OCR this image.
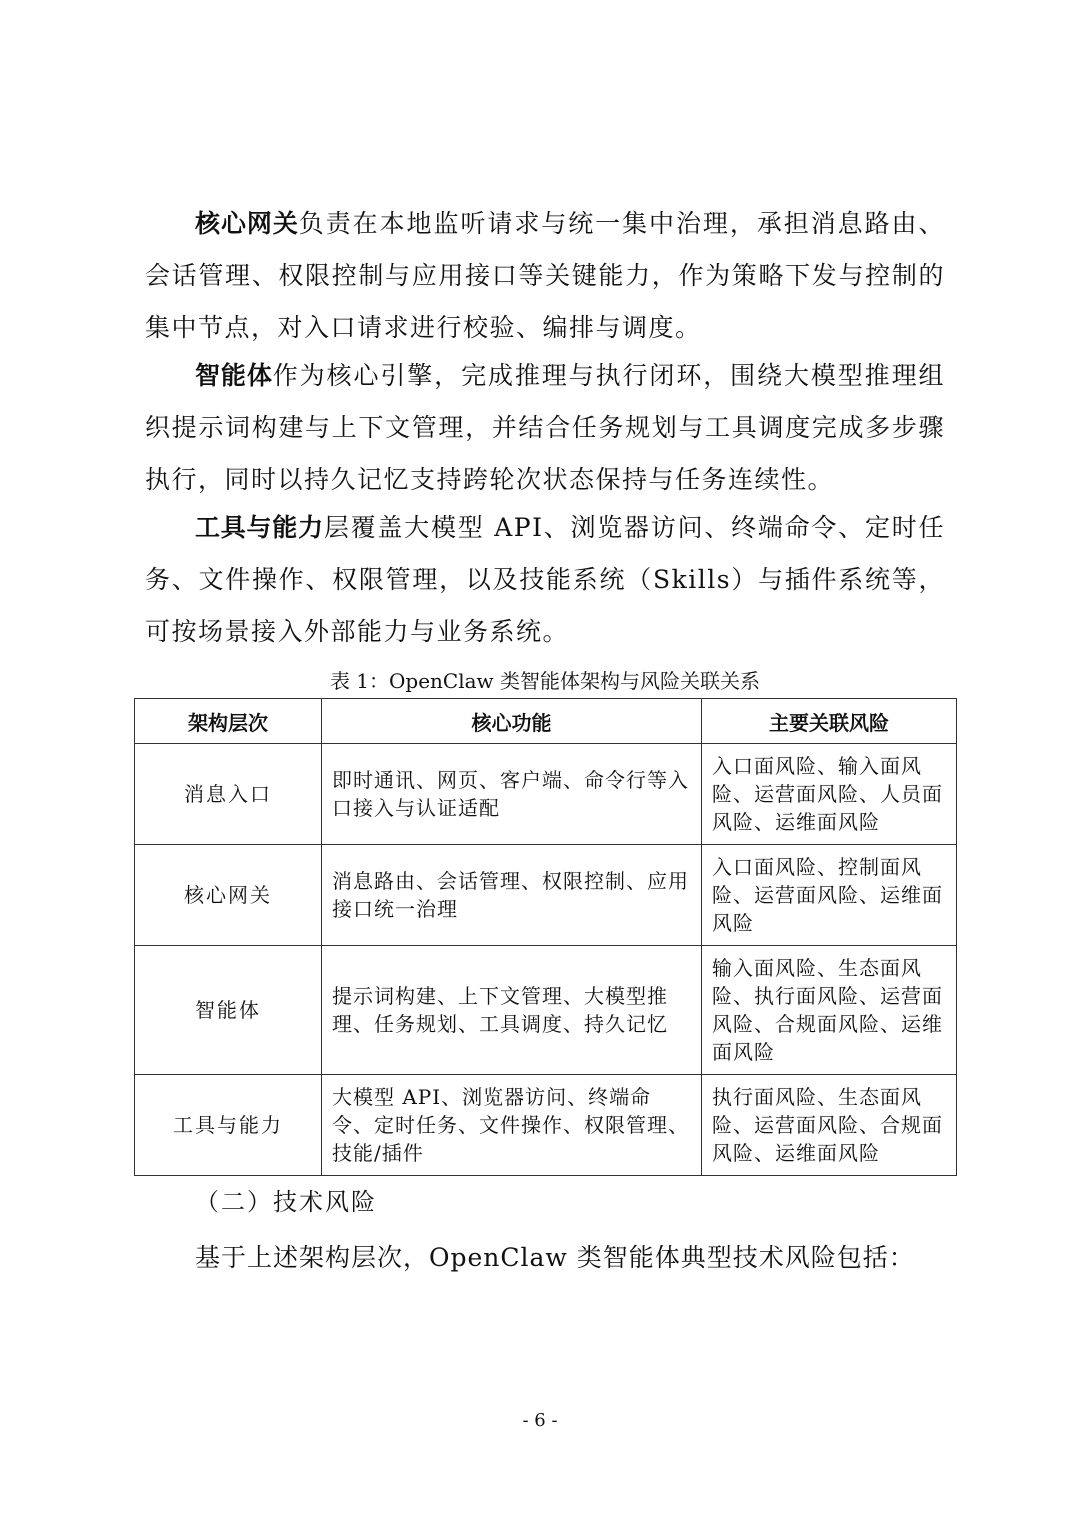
核心网关负责在本地监听请求与统一集中治理，承担消息路由、会话管理、权限控制与应用接口等关键能力，作为策略下发与控制的集中节点，对入口请求进行校验、编排与调度。

智能体作为核心引擎，完成推理与执行闭环，围绕大模型推理组织提示词构建与上下文管理，并结合任务规划与工具调度完成多步骤执行，同时以持久记忆支持跨轮次状态保持与任务连续性。

工具与能力层覆盖大模型 API、浏览器访问、终端命令、定时任务、文件操作、权限管理，以及技能系统（Skills）与插件系统等，可按场景接入外部能力与业务系统。

表 1：OpenClaw 类智能体架构与风险关联关系

架构层次	核心功能	主要关联风险
消息入口	即时通讯、网页、客户端、命令行等入口接入与认证适配	入口面风险、输入面风险、运营面风险、人员面风险、运维面风险
核心网关	消息路由、会话管理、权限控制、应用接口统一治理	入口面风险、控制面风险、运营面风险、运维面风险
智能体	提示词构建、上下文管理、大模型推理、任务规划、工具调度、持久记忆	输入面风险、生态面风险、执行面风险、运营面风险、合规面风险、运维面风险
工具与能力	大模型 API、浏览器访问、终端命令、定时任务、文件操作、权限管理、技能/插件	执行面风险、生态面风险、运营面风险、合规面风险、运维面风险

（二）技术风险

基于上述架构层次，OpenClaw 类智能体典型技术风险包括：

- 6 -
